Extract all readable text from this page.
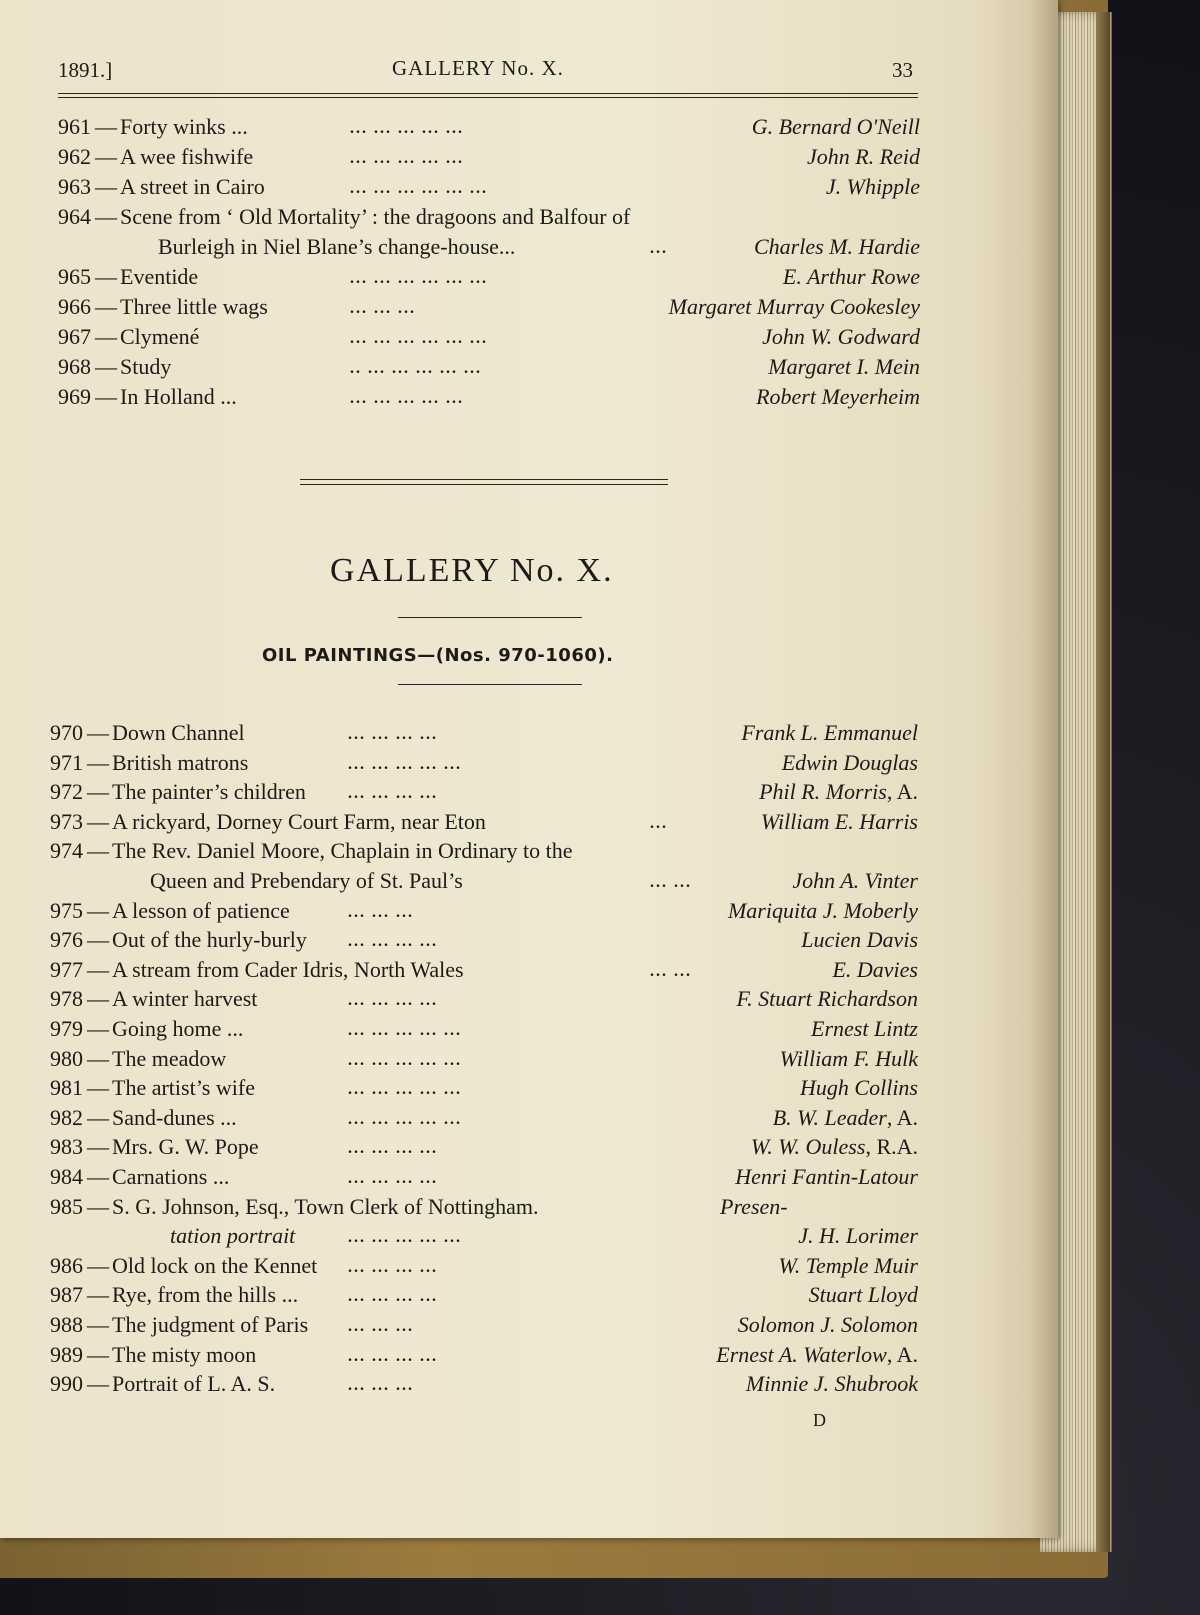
1891.]	GALLERY No. X.	33
961 — Forty winks ...	... ... ... ... ...	G. Bernard O'Neill
962 — A wee fishwife	... ... ... ... ...	John R. Reid
963 — A street in Cairo	... ... ... ... ... ...	J. Whipple
964 — Scene from ‘ Old Mortality’ : the dragoons and Balfour of
Burleigh in Niel Blane’s change-house...	...	Charles M. Hardie
965 — Eventide	... ... ... ... ... ...	E. Arthur Rowe
966 — Three little wags	... ... ...	Margaret Murray Cookesley
967 — Clymené	... ... ... ... ... ...	John W. Godward
968 — Study	.. ... ... ... ... ...	Margaret I. Mein
969 — In Holland ...	... ... ... ... ...	Robert Meyerheim
GALLERY No. X.
OIL PAINTINGS—(Nos. 970-1060).
970 — Down Channel	... ... ... ...	Frank L. Emmanuel
971 — British matrons	... ... ... ... ...	Edwin Douglas
972 — The painter’s children	... ... ... ...	Phil R. Morris, A.
973 — A rickyard, Dorney Court Farm, near Eton	...	William E. Harris
974 — The Rev. Daniel Moore, Chaplain in Ordinary to the
Queen and Prebendary of St. Paul’s	... ...	John A. Vinter
975 — A lesson of patience	... ... ...	Mariquita J. Moberly
976 — Out of the hurly-burly	... ... ... ...	Lucien Davis
977 — A stream from Cader Idris, North Wales	... ...	E. Davies
978 — A winter harvest	... ... ... ...	F. Stuart Richardson
979 — Going home ...	... ... ... ... ...	Ernest Lintz
980 — The meadow	... ... ... ... ...	William F. Hulk
981 — The artist’s wife	... ... ... ... ...	Hugh Collins
982 — Sand-dunes ...	... ... ... ... ...	B. W. Leader, A.
983 — Mrs. G. W. Pope	... ... ... ...	W. W. Ouless, R.A.
984 — Carnations ...	... ... ... ...	Henri Fantin-Latour
985 — S. G. Johnson, Esq., Town Clerk of Nottingham.	Presen-
tation portrait	... ... ... ... ...	J. H. Lorimer
986 — Old lock on the Kennet ... ... ... ...	W. Temple Muir
987 — Rye, from the hills ...	... ... ... ...	Stuart Lloyd
988 — The judgment of Paris ... ... ...	Solomon J. Solomon
989 — The misty moon	... ... ... ...	Ernest A. Waterlow, A.
990 — Portrait of L. A. S.	... ... ...	Minnie J. Shubrook
D
